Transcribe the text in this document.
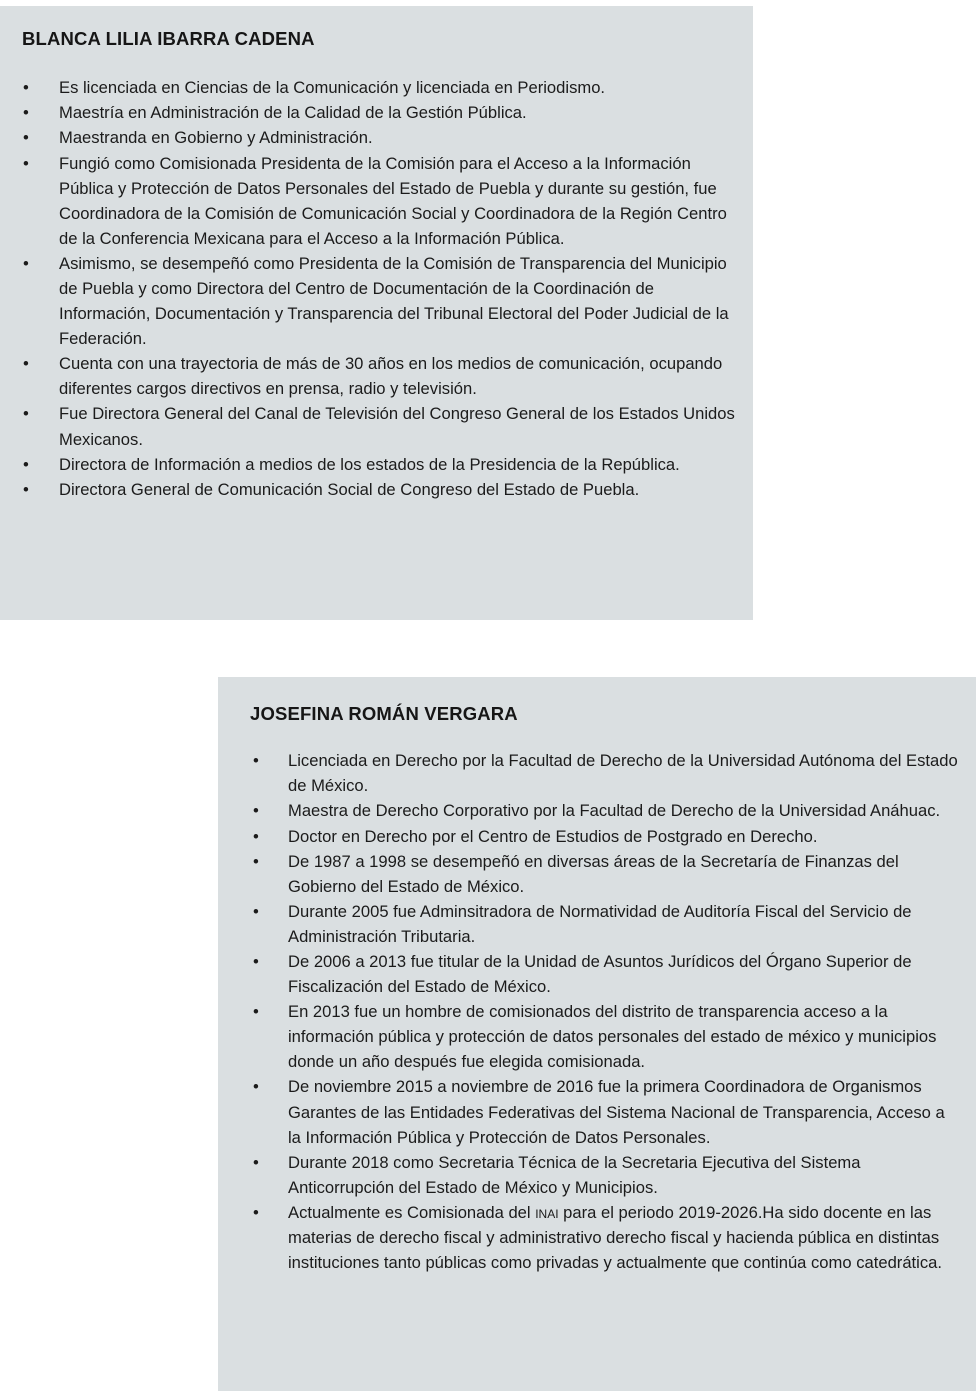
BLANCA LILIA IBARRA CADENA
• Es licenciada en Ciencias de la Comunicación y licenciada en Periodismo.
• Maestría en Administración de la Calidad de la Gestión Pública.
• Maestranda en Gobierno y Administración.
• Fungió como Comisionada Presidenta de la Comisión para el Acceso a la Información Pública y Protección de Datos Personales del Estado de Puebla y durante su gestión, fue Coordinadora de la Comisión de Comunicación Social y Coordinadora de la Región Centro de la Conferencia Mexicana para el Acceso a la Información Pública.
• Asimismo, se desempeñó como Presidenta de la Comisión de Transparencia del Municipio de Puebla y como Directora del Centro de Documentación de la Coordinación de Información, Documentación y Transparencia del Tribunal Electoral del Poder Judicial de la Federación.
• Cuenta con una trayectoria de más de 30 años en los medios de comunicación, ocupando diferentes cargos directivos en prensa, radio y televisión.
• Fue Directora General del Canal de Televisión del Congreso General de los Estados Unidos Mexicanos.
• Directora de Información a medios de los estados de la Presidencia de la República.
• Directora General de Comunicación Social de Congreso del Estado de Puebla.
JOSEFINA ROMÁN VERGARA
• Licenciada en Derecho por la Facultad de Derecho de la Universidad Autónoma del Estado de México.
• Maestra de Derecho Corporativo por la Facultad de Derecho de la Universidad Anáhuac.
• Doctor en Derecho por el Centro de Estudios de Postgrado en Derecho.
• De 1987 a 1998 se desempeñó en diversas áreas de la Secretaría de Finanzas del Gobierno del Estado de México.
• Durante 2005 fue Adminsitradora de Normatividad de Auditoría Fiscal del Servicio de Administración Tributaria.
• De 2006 a 2013 fue titular de la Unidad de Asuntos Jurídicos del Órgano Superior de Fiscalización del Estado de México.
• En 2013 fue un hombre de comisionados del distrito de transparencia acceso a la información pública y protección de datos personales del estado de méxico y municipios donde un año después fue elegida comisionada.
• De noviembre 2015 a noviembre de 2016 fue la primera Coordinadora de Organismos Garantes de las Entidades Federativas del Sistema Nacional de Transparencia, Acceso a la Información Pública y Protección de Datos Personales.
• Durante 2018 como Secretaria Técnica de la Secretaria Ejecutiva del Sistema Anticorrupción del Estado de México y Municipios.
• Actualmente es Comisionada del inai para el periodo 2019-2026.Ha sido docente en las materias de derecho fiscal y administrativo derecho fiscal y hacienda pública en distintas instituciones tanto públicas como privadas y actualmente que continúa como catedrática.
